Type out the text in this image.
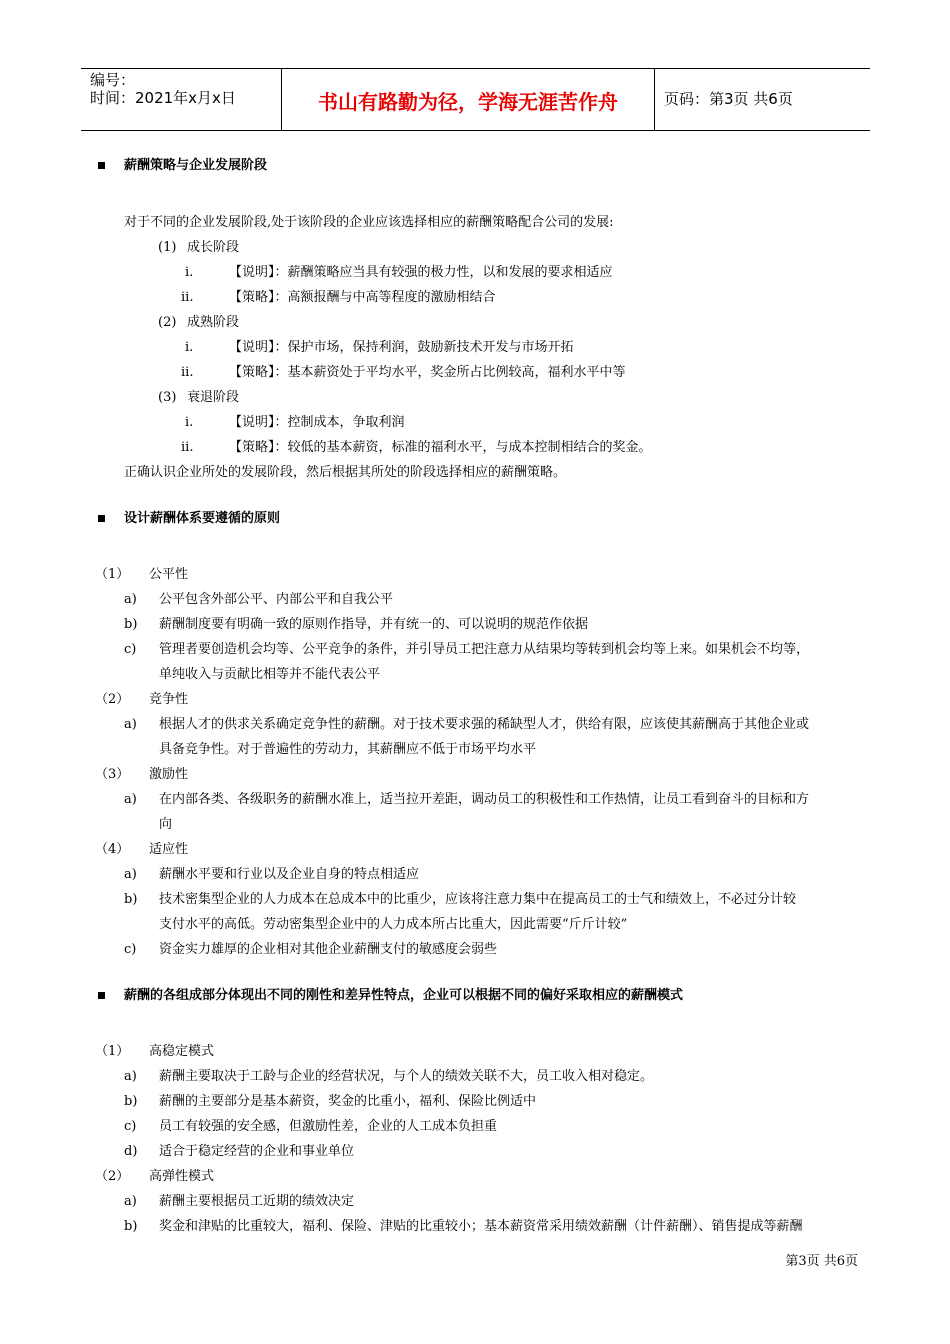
编号：
时间：2021年x月x日	书山有路勤为径，学海无涯苦作舟	页码：第3页 共6页
薪酬策略与企业发展阶段
对于不同的企业发展阶段,处于该阶段的企业应该选择相应的薪酬策略配合公司的发展:
(1) 成长阶段
i.	【说明】：薪酬策略应当具有较强的极力性，以和发展的要求相适应
ii.	【策略】：高额报酬与中高等程度的激励相结合
(2) 成熟阶段
i.	【说明】：保护市场，保持利润，鼓励新技术开发与市场开拓
ii.	【策略】：基本薪资处于平均水平，奖金所占比例较高，福利水平中等
(3) 衰退阶段
i.	【说明】：控制成本，争取利润
ii.	【策略】：较低的基本薪资，标准的福利水平，与成本控制相结合的奖金。
正确认识企业所处的发展阶段，然后根据其所处的阶段选择相应的薪酬策略。
设计薪酬体系要遵循的原则
（1） 公平性
a) 公平包含外部公平、内部公平和自我公平
b) 薪酬制度要有明确一致的原则作指导，并有统一的、可以说明的规范作依据
c) 管理者要创造机会均等、公平竞争的条件，并引导员工把注意力从结果均等转到机会均等上来。如果机会不均等，
单纯收入与贡献比相等并不能代表公平
（2） 竞争性
a) 根据人才的供求关系确定竞争性的薪酬。对于技术要求强的稀缺型人才，供给有限，应该使其薪酬高于其他企业或
具备竞争性。对于普遍性的劳动力，其薪酬应不低于市场平均水平
（3） 激励性
a) 在内部各类、各级职务的薪酬水准上，适当拉开差距，调动员工的积极性和工作热情，让员工看到奋斗的目标和方
向
（4） 适应性
a) 薪酬水平要和行业以及企业自身的特点相适应
b) 技术密集型企业的人力成本在总成本中的比重少，应该将注意力集中在提高员工的士气和绩效上，不必过分计较
支付水平的高低。劳动密集型企业中的人力成本所占比重大，因此需要“斤斤计较”
c) 资金实力雄厚的企业相对其他企业薪酬支付的敏感度会弱些
薪酬的各组成部分体现出不同的刚性和差异性特点，企业可以根据不同的偏好采取相应的薪酬模式
（1） 高稳定模式
a) 薪酬主要取决于工龄与企业的经营状况，与个人的绩效关联不大，员工收入相对稳定。
b) 薪酬的主要部分是基本薪资，奖金的比重小，福利、保险比例适中
c) 员工有较强的安全感，但激励性差，企业的人工成本负担重
d) 适合于稳定经营的企业和事业单位
（2） 高弹性模式
a) 薪酬主要根据员工近期的绩效决定
b) 奖金和津贴的比重较大，福利、保险、津贴的比重较小；基本薪资常采用绩效薪酬（计件薪酬）、销售提成等薪酬
第3页 共6页
